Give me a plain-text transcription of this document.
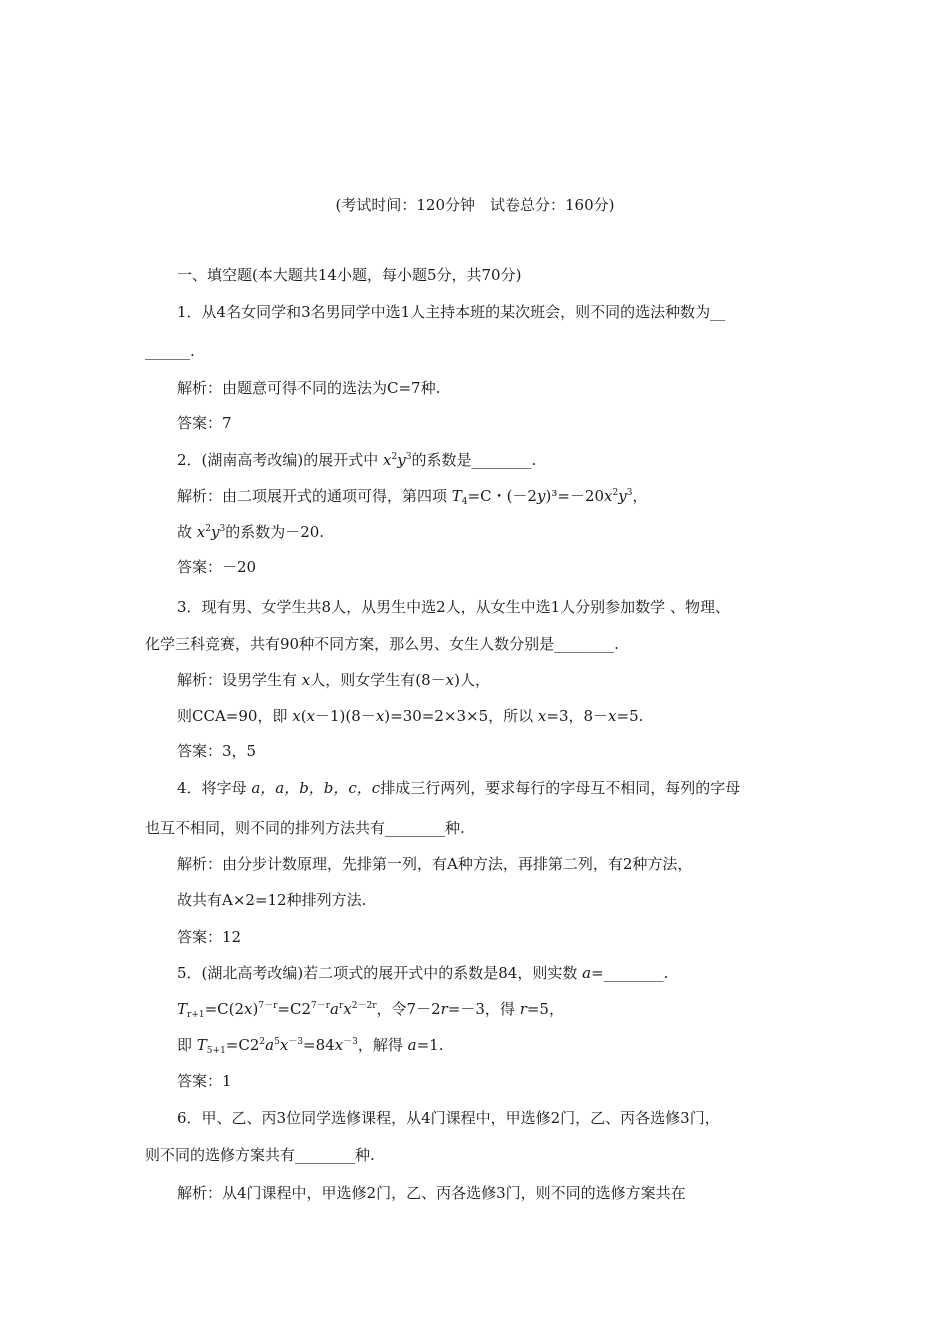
(考试时间：120分钟　试卷总分：160分)
一、填空题(本大题共14小题，每小题5分，共70分)
1．从4名女同学和3名男同学中选1人主持本班的某次班会，则不同的选法种数为__
______.
解析：由题意可得不同的选法为C=7种.
答案：7
2．(湖南高考改编)的展开式中 $x^2y^3$的系数是________.
解析：由二项展开式的通项可得，第四项 $T_4=C$・$(-2y)^3=-20x^2y^3$，
故 $x^2y^3$的系数为－20.
答案：－20
3．现有男、女学生共8人，从男生中选2人，从女生中选1人分别参加数学 、物理、
化学三科竞赛，共有90种不同方案，那么男、女生人数分别是________.
解析：设男学生有 x人，则女学生有(8－x)人，
则CCA=90，即 x(x－1)(8－x)=30=2×3×5，所以 x=3，8－x=5.
答案：3，5
4．将字母 a，a，b，b，c，c排成三行两列，要求每行的字母互不相同，每列的字母
也互不相同，则不同的排列方法共有________种.
解析：由分步计数原理，先排第一列，有A种方法，再排第二列，有2种方法，
故共有A×2=12种排列方法.
答案：12
5．(湖北高考改编)若二项式的展开式中的系数是84，则实数 a=________.
$T_{r+1}=C(2x)^{7-r}=C2^{7-r}a^rx^{2-2r}$，令7－2r=－3，得 r=5，
即 $T_{5+1}=C2^2a^5x^{-3}=84x^{-3}$，解得 a=1.
答案：1
6．甲、乙、丙3位同学选修课程，从4门课程中，甲选修2门，乙、丙各选修3门，
则不同的选修方案共有________种.
解析：从4门课程中，甲选修2门，乙、丙各选修3门，则不同的选修方案共在
